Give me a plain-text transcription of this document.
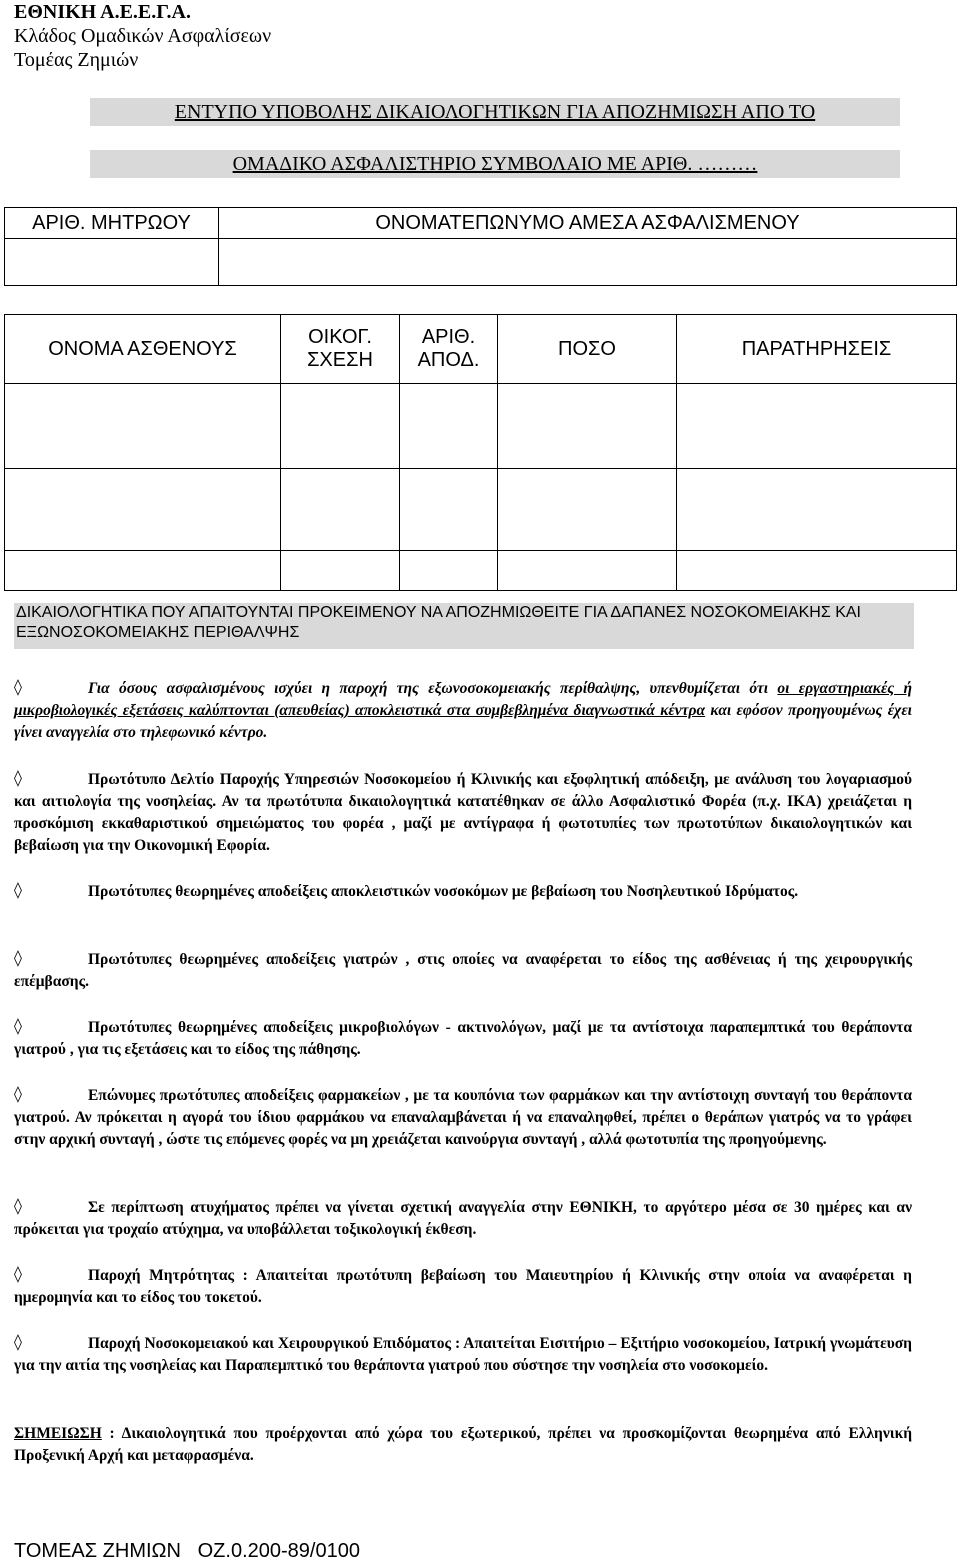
ΕΘΝΙΚΗ Α.Ε.Ε.Γ.Α.
Κλάδος Ομαδικών Ασφαλίσεων
Τομέας Ζημιών
ΕΝΤΥΠΟ ΥΠΟΒΟΛΗΣ ΔΙΚΑΙΟΛΟΓΗΤΙΚΩΝ ΓΙΑ ΑΠΟΖΗΜΙΩΣΗ ΑΠΟ ΤΟ
ΟΜΑΔΙΚΟ ΑΣΦΑΛΙΣΤΗΡΙΟ ΣΥΜΒΟΛΑΙΟ ΜΕ ΑΡΙΘ. ………
ΑΡΙΘ. ΜΗΤΡΩΟΥ	ΟΝΟΜΑΤΕΠΩΝΥΜΟ ΑΜΕΣΑ ΑΣΦΑΛΙΣΜΕΝΟΥ

ΟΝΟΜΑ ΑΣΘΕΝΟΥΣ	ΟΙΚΟΓ. ΣΧΕΣΗ	ΑΡΙΘ. ΑΠΟΔ.	ΠΟΣΟ	ΠΑΡΑΤΗΡΗΣΕΙΣ

ΔΙΚΑΙΟΛΟΓΗΤΙΚΑ ΠΟΥ ΑΠΑΙΤΟΥΝΤΑΙ ΠΡΟΚΕΙΜΕΝΟΥ ΝΑ ΑΠΟΖΗΜΙΩΘΕΙΤΕ ΓΙΑ ΔΑΠΑΝΕΣ ΝΟΣΟΚΟΜΕΙΑΚΗΣ ΚΑΙ ΕΞΩΝΟΣΟΚΟΜΕΙΑΚΗΣ ΠΕΡΙΘΑΛΨΗΣ
◊	Για όσους ασφαλισμένους ισχύει η παροχή της εξωνοσοκομειακής περίθαλψης, υπενθυμίζεται ότι οι εργαστηριακές ή μικροβιολογικές εξετάσεις καλύπτονται (απευθείας) αποκλειστικά στα συμβεβλημένα διαγνωστικά κέντρα και εφόσον προηγουμένως έχει γίνει αναγγελία στο τηλεφωνικό κέντρο.
◊	Πρωτότυπο Δελτίο Παροχής Υπηρεσιών Νοσοκομείου ή Κλινικής και εξοφλητική απόδειξη, με ανάλυση του λογαριασμού και αιτιολογία της νοσηλείας. Αν τα πρωτότυπα δικαιολογητικά κατατέθηκαν σε άλλο Ασφαλιστικό Φορέα (π.χ. ΙΚΑ) χρειάζεται η προσκόμιση εκκαθαριστικού σημειώματος του φορέα , μαζί με αντίγραφα ή φωτοτυπίες των πρωτοτύπων δικαιολογητικών και βεβαίωση για την Οικονομική Εφορία.
◊	Πρωτότυπες θεωρημένες αποδείξεις αποκλειστικών νοσοκόμων με βεβαίωση του Νοσηλευτικού Ιδρύματος.
◊	Πρωτότυπες θεωρημένες αποδείξεις γιατρών , στις οποίες να αναφέρεται το είδος της ασθένειας ή της χειρουργικής επέμβασης.
◊	Πρωτότυπες θεωρημένες αποδείξεις μικροβιολόγων - ακτινολόγων, μαζί με τα αντίστοιχα παραπεμπτικά του θεράποντα γιατρού , για τις εξετάσεις και το είδος της πάθησης.
◊	Επώνυμες πρωτότυπες αποδείξεις φαρμακείων , με τα κουπόνια των φαρμάκων και την αντίστοιχη συνταγή του θεράποντα γιατρού. Αν πρόκειται η αγορά του ίδιου φαρμάκου να επαναλαμβάνεται ή να επαναληφθεί, πρέπει ο θεράπων γιατρός να το γράφει στην αρχική συνταγή , ώστε τις επόμενες φορές να μη χρειάζεται καινούργια συνταγή , αλλά φωτοτυπία της προηγούμενης.
◊	Σε περίπτωση ατυχήματος πρέπει να γίνεται σχετική αναγγελία στην ΕΘΝΙΚΗ, το αργότερο μέσα σε 30 ημέρες και αν πρόκειται για τροχαίο ατύχημα, να υποβάλλεται τοξικολογική έκθεση.
◊	Παροχή Μητρότητας : Απαιτείται πρωτότυπη βεβαίωση του Μαιευτηρίου ή Κλινικής στην οποία να αναφέρεται η ημερομηνία και το είδος του τοκετού.
◊	Παροχή Νοσοκομειακού και Χειρουργικού Επιδόματος : Απαιτείται Εισιτήριο – Εξιτήριο νοσοκομείου, Ιατρική γνωμάτευση για την αιτία της νοσηλείας και Παραπεμπτικό του θεράποντα γιατρού που σύστησε την νοσηλεία στο νοσοκομείο.
ΣΗΜΕΙΩΣΗ : Δικαιολογητικά που προέρχονται από χώρα του εξωτερικού, πρέπει να προσκομίζονται θεωρημένα από Ελληνική Προξενική Αρχή και μεταφρασμένα.
ΤΟΜΕΑΣ ΖΗΜΙΩΝ   ΟΖ.0.200-89/0100
